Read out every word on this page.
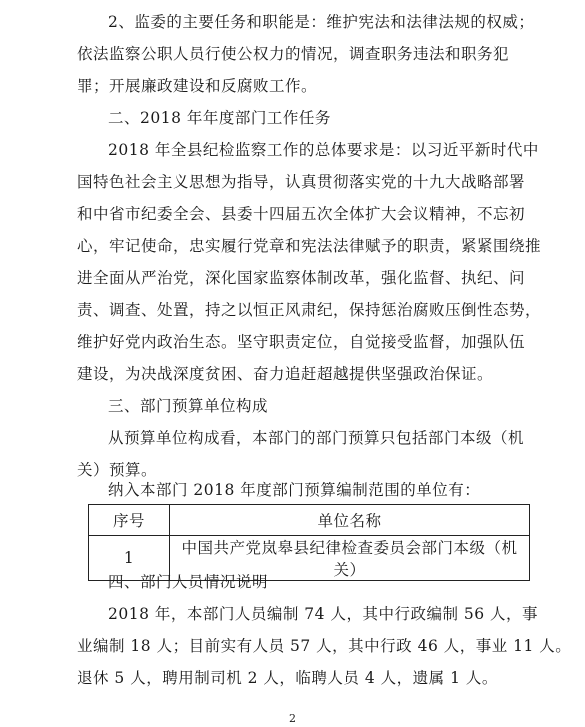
2、监委的主要任务和职能是：维护宪法和法律法规的权威；
依法监察公职人员行使公权力的情况，调查职务违法和职务犯
罪；开展廉政建设和反腐败工作。
二、2018 年年度部门工作任务
2018 年全县纪检监察工作的总体要求是：以习近平新时代中
国特色社会主义思想为指导，认真贯彻落实党的十九大战略部署
和中省市纪委全会、县委十四届五次全体扩大会议精神，不忘初
心，牢记使命，忠实履行党章和宪法法律赋予的职责，紧紧围绕推
进全面从严治党，深化国家监察体制改革，强化监督、执纪、问
责、调查、处置，持之以恒正风肃纪，保持惩治腐败压倒性态势，
维护好党内政治生态。坚守职责定位，自觉接受监督，加强队伍
建设，为决战深度贫困、奋力追赶超越提供坚强政治保证。
三、部门预算单位构成
从预算单位构成看，本部门的部门预算只包括部门本级（机
关）预算。
纳入本部门 2018 年度部门预算编制范围的单位有：
序号	单位名称
1	中国共产党岚皋县纪律检查委员会部门本级（机关）
四、部门人员情况说明
2018 年，本部门人员编制 74 人，其中行政编制 56 人，事
业编制 18 人；目前实有人员 57 人，其中行政 46 人，事业 11 人。
退休 5 人，聘用制司机 2 人，临聘人员 4 人，遗属 1 人。
2
